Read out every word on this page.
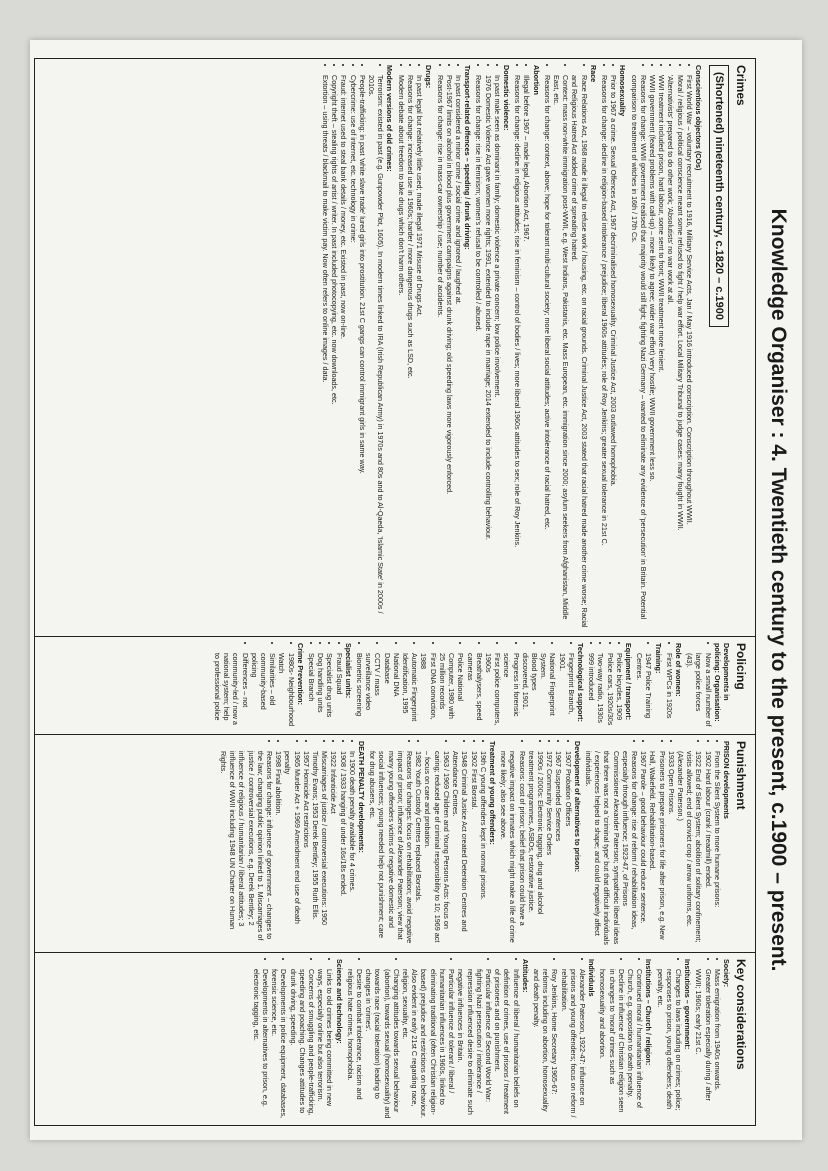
Knowledge Organiser : 4. Twentieth century to the present, c.1900 – present.
Crimes
(Shortened) nineteenth century, c.1820 – c.1900
Conscientious objectors (COs)
• First World War – voluntary recruitment to 1916, Military Service Acts, Jan / May 1916 introduced conscription. Conscription throughout WWII.
• Moral / religious / political conscience meant some refused to fight / help war effort. Local Military Tribunal to judge cases: many fought in WWII.
• 'Alternativists' prepared to do other work; 'Absolutists' no war work at all.
• WWI treatment included prison, hard labour, some sent to front; WWII treatment more lenient.
• WWII government (feared problems with call-up) – more likely to agree; wider war effort) very hostile; WWII government less so.
• Reasons for change: WWII government realised that majority would still fight; fighting Nazi Germany – wanted to eliminate any evidence of 'persecution' in Britain. Potential comparison to treatment of witches in 16th / 17th Cs.
Homosexuality
• Prior to 1967 a crime. Sexual Offences Act, 1967 decriminalised homosexuality. Criminal Justice Act, 2003 outlawed homophobia.
• Reasons for change: decline in religion-based intolerance / prejudice; liberal 1960s attitudes; role of Roy Jenkins; greater sexual tolerance in 21st C.
Race
• Race Relations Act, 1968 made it illegal to refuse work / housing, etc. on racial grounds. Criminal Justice Act, 2003 stated that racial hatred made another crime worse; Racial and Religious Hatred Act added crime of spreading hatred.
• Context: mass non-white immigration post-WWII, e.g. West Indians, Pakistanis, etc. Mass European, etc. immigration since 2000; asylum seekers from Afghanistan, Middle East, etc.
• Reasons for change: context, above; hope for tolerant multi-cultural society; more liberal social attitudes; active intolerance of racial hatred, etc.
Abortion
• Illegal before 1967 – made legal, Abortion Act, 1967.
• Reasons for change: decline in religious attitudes; rise in feminism – control of bodies / lives; more liberal 1960s attitudes to sex; role of Roy Jenkins.
Domestic violence:
• In past male seen as dominant in family; domestic violence a private concern; low police involvement.
• 1976 Domestic Violence Act gave women more rights; 1991, extended to include rape in marriage; 2014 extended to include controlling behaviour.
• Reasons for change: rise in feminism; women's refusal to be controlled / abused.
Transport-related offences – speeding / drunk driving:
• In past considered a minor crime / social crime and ignored / laughed at.
• Post-1967 limits on alcohol in blood plus government campaigns against drunk driving; old speeding laws more vigorously enforced.
• Reasons for change: rise in mass-car ownership / use; number of accidents.
Drugs:
• In past legal but relatively little used; made illegal 1971 Misuse of Drugs Act.
• Reasons for change: increased use in 1960s; harder / more dangerous drugs such as LSD, etc.
• Modern debate about freedom to take drugs which don't harm others.
Modern versions of old crimes:
• Terrorism: existed in past (e.g. Gunpowder Plot, 1605). In modern times linked to IRA (Irish Republican Army) in 1970s and 80s and to Al-Qaeda, 'Islamic State' in 2000s / 2010s.
• People-trafficking: in past 'white slave trade' lured girls into prostitution. 21st C gangs can control immigrant girls in same way.
• Cybercrime: use of internet, etc. technology in crime:
• Fraud: internet used to steal bank details / money, etc. Existed in past, now on-line.
• Copyright theft – stealing rights of artist / writer. In past included photocopying, etc. now downloads, etc.
• Extortion – using threats / blackmail to make victim pay. Now often refers to online images / data.
Policing
Developments in policing: Organisation:
• Now a small number of large police forces (43).
Role of women:
• First WPCs in 1920s
Training:
• 1947 Police Training Centres.
Equipment / transport:
• Police bicycles, 1909
• Police cars, 1920s/30s
• Two-way radio, 1930s
• 999 introduced
Technological support:
• Fingerprint Branch, 1901.
• National Fingerprint System.
• Blood types discovered, 1901.
• Progress in forensic science
• First police computers, 1960s
• Breathalysers, speed cameras
• Police National Computer, 1980 with 25 million records
• First DNA conviction, 1988
• Automatic Fingerprint Identification, 1995
• National DNA Database
• CCTV / mass surveillance video
• Biometric screening
Specialist units:
• Fraud Squad
• Specialist drug units
• Dog handling units
• Special Branch
Crime Prevention:
• 1980s- Neighbourhood Watch
• Similarities – old community-based policing
• Differences – not community-led / now a national system; help to professional police
Punishment
PRISON developments
• From the Silent System to more humane prisons:
• 1902 Hard labour (crank / treadmill) ended.
• 1922 End of Silent System; abolition of solitary confinement; visits allowed; end of convict crop / arrow uniforms, etc. (Alexander Paterson.)
• 1933 Open Prisons.
• Prisoners to prepare prisoners for life after prison, e.g. New Hall, Wakefield. Rehabilitation-based.
• 1967 Parole – good behaviour could reduce sentence.
• Reasons for change: rise of reform / rehabilitation ideas, especially through influence; 1923-47, of Prisons Commissioner Alexander Paterson; sympathetic liberal ideas that there was not a 'criminal type' but that difficult individuals / experiences helped to shape; and could negatively affect individuals.
Development of alternatives to prison:
• 1907 Probation Officers
• 1967 Suspended Sentences
• 1972 Community Service Orders
• 1990s / 2000s: Electronic tagging, drug and alcohol treatment programmes, ASBOs, restorative justice.
• Reasons: cost of prison; belief that prison could have a negative impact on inmates which might make a life of crime more likely; also see above.
Treatment of young offenders:
• 19th C young offenders kept in normal prisons.
• 1902 First Borstal.
• 1948 Criminal Justice Act created Detention Centres and Attendance Centres.
• 1963 / 1969 Children and Young Persons Acts: focus on caring; reduced age of criminal responsibility to 10; 1969 act – focus on care and probation.
• 1982 Youth Custody Centres replaced Borstals.
• Reasons for changes: focus on rehabilitation; avoid negative impact of prison; influence of Alexander Paterson; view that many young offenders victims of negative domestic and social influences; young needed help not punishment; care for drug abusers, etc.
DEATH PENALTY developments:
• In 1900 death penalty available for 4 crimes.
• 1908 / 1933 hanging of under 16s/18s ended.
• 1922 Infanticide Act
• Miscarriages of justice / controversial executions: 1950 Timothy Evans; 1953 Derek Bentley; 1955 Ruth Ellis.
• 1957 Homicide Act restrictions
• 1965 Murder Act + 1969 Amendment end use of death penalty
• 1998 Final abolition.
• Reasons for change: influence of government – changes to the law; changing public opinion linked to 1. Miscarriages of justice / controversial executions, e.g. Derek Bentley; 2 influence of religious / humanitarian / liberal attitudes; 3 influence of WWII including 1948 UN Charter on Human Rights.
Key considerations
Society:
• Mass emigration from 1940s onwards.
• Greater toleration especially during / after WWII; 1960s; early 21st C.
Institutions – government:
• Changes to laws including on crimes; police; responses to prison, young offenders; death penalty, etc.
Institutions – Church / religion:
• Continued moral / humanitarian influence of Church, e.g. opposition to death penalty.
• Decline in influence of Christian religion seen in changes to 'moral' crimes such as homosexuality and abortion.
Individuals
• Alexander Paterson, 1922-47: influence on prisons and young offenders; focus on reform / rehabilitation.
• Roy Jenkins, Home Secretary 1965-67: reforms including on abortion, homosexuality and death penalty.
Attitudes:
• Influence of liberal / humanitarian beliefs on definition of crimes, use of prisons / treatment of prisoners and on punishment.
• Particular influence of Second World War: fighting Nazi persecution / intolerance / repression influenced desire to eliminate such negative influences in Britain.
• Particular influence of tolerant / liberal / humanitarian influences in 1960s, linked to eliminating traditional (often Christian religion-based) prejudice and restrictions on behaviour. Also evident in early 21st C regarding race, religion, sexuality, etc.
• Changing attitudes towards sexual behaviour (abortion), towards sexual (homosexuality) and towards race (racial toleration) leading to changes in 'crimes'.
• Desire to combat intolerance, racism and religious hate crimes, homophobia.
Science and technology:
• Links to old crimes being committed in new ways, especially online but also terrorism.
• Concerns of smuggling and people-trafficking, speeding and poaching. Changes attitudes to drunk driving, speeding.
• Developments in police equipment, databases, forensic science, etc.
• Developments in alternatives to prison, e.g. electronic tagging, etc.
